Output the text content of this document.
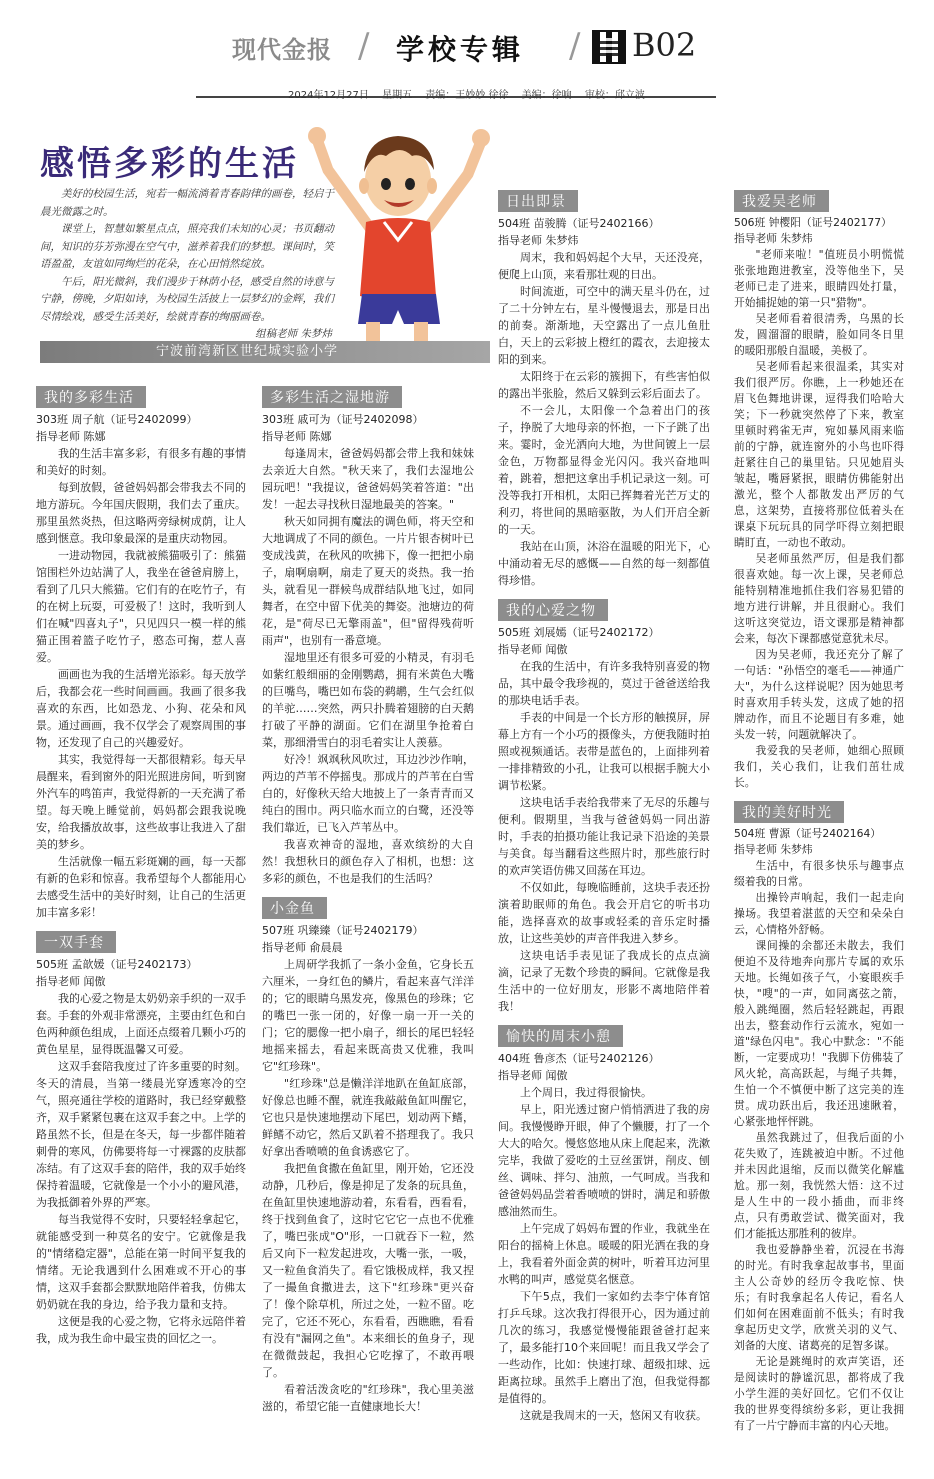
现代金报 / 学校专辑 / B02
2024年12月27日 星期五 责编：王妙妙 徐徐 美编：徐响 审校：邱立波
感悟多彩的生活

美好的校园生活，宛若一幅流淌着青春韵律的画卷，轻启于晨光微露之时。

课堂上，智慧如繁星点点，照亮我们未知的心灵；书页翻动间，知识的芬芳弥漫在空气中，滋养着我们的梦想。课间时，笑语盈盈，友谊如同绚烂的花朵，在心田悄然绽放。

午后，阳光微斜，我们漫步于林荫小径，感受自然的诗意与宁静，傍晚，夕阳如诗，为校园生活披上一层梦幻的金辉，我们尽情绘戏，感受生活美好，绘就青春的绚丽画卷。

组稿老师 朱梦炜

宁波前湾新区世纪城实验小学
我的多彩生活

303班 周子航（证号2402099）

指导老师 陈娜

我的生活丰富多彩，有很多有趣的事情和美好的时刻。

每到放假，爸爸妈妈都会带我去不同的地方游玩。今年国庆假期，我们去了重庆。那里虽然炎热，但这略两旁绿树成荫，让人感到惬意。我印象最深的是重庆动物园。

一进动物园，我就被熊猫吸引了：熊猫馆围栏外边站满了人，我坐在爸爸肩膀上，看到了几只大熊猫。它们有的在吃竹子，有的在树上玩耍，可爱极了！这时，我听到人们在喊"四喜丸子"，只见四只一模一样的熊猫正围着篮子吃竹子，憨态可掬，惹人喜爱。

画画也为我的生活增光添彩。每天放学后，我都会花一些时间画画。我画了很多我喜欢的东西，比如恐龙、小狗、花朵和风景。通过画画，我不仅学会了观察周围的事物，还发现了自己的兴趣爱好。

其实，我觉得每一天都很精彩。每天早晨醒来，看到窗外的阳光照进房间，听到窗外汽车的鸣笛声，我觉得新的一天充满了希望。每天晚上睡觉前，妈妈都会跟我说晚安，给我播放故事，这些故事让我进入了甜美的梦乡。

生活就像一幅五彩斑斓的画，每一天都有新的色彩和惊喜。我希望每个人都能用心去感受生活中的美好时刻，让自己的生活更加丰富多彩！

一双手套

505班 孟歆媛（证号2402173）

指导老师 闻傲

我的心爱之物是太奶奶亲手织的一双手套。手套的外观非常漂亮，主要由红色和白色两种颜色组成，上面还点缀着几颗小巧的黄色星星，显得既温馨又可爱。

这双手套陪我度过了许多重要的时刻。冬天的清晨，当第一缕晨光穿透寒冷的空气，照亮通往学校的道路时，我已经穿戴整齐，双手紧紧包裹在这双手套之中。上学的路虽然不长，但是在冬天，每一步都伴随着刺骨的寒风，仿佛要将每一寸裸露的皮肤都冻结。有了这双手套的陪伴，我的双手始终保持着温暖，它就像是一个小小的避风港，为我抵御着外界的严寒。

每当我觉得不安时，只要轻轻拿起它，就能感受到一种莫名的安宁。它就像是我的"情绪稳定器"，总能在第一时间平复我的情绪。无论我遇到什么困难或不开心的事情，这双手套都会默默地陪伴着我，仿佛太奶奶就在我的身边，给予我力量和支持。

这便是我的心爱之物，它将永远陪伴着我，成为我生命中最宝贵的回忆之一。

多彩生活之湿地游

303班 戚可为（证号2402098）

指导老师 陈娜

每逢周末，爸爸妈妈都会带上我和妹妹去亲近大自然。"秋天来了，我们去湿地公园玩吧！"我提议，爸爸妈妈笑着答道："出发！一起去寻找秋日湿地最美的答案。"

秋天如同拥有魔法的调色师，将天空和大地调成了不同的颜色。一片片银杏树叶已变成浅黄，在秋风的吹拂下，像一把把小扇子，扇啊扇啊，扇走了夏天的炎热。我一抬头，就看见一群候鸟成群结队地飞过，如同舞者，在空中留下优美的舞姿。池塘边的荷花，是"荷尽已无擎雨盖"，但"留得残荷听雨声"，也别有一番意境。

湿地里还有很多可爱的小精灵，有羽毛如紫红般细丽的金刚鹦鹉，拥有米黄色大嘴的巨嘴鸟，嘴巴如布袋的鹈鹕，生气会红似的羊驼……突然，两只扑腾着翅膀的白天鹅打破了平静的湖面。它们在湖里争抢着白菜，那细滑雪白的羽毛着实让人羡慕。

好冷！飒飒秋风吹过，耳边沙沙作响，两边的芦苇不停摇曳。那成片的芦苇在白雪白的，好像秋天给大地披上了一条青青而又纯白的围巾。两只临水而立的白鹭，还没等我们靠近，已飞入芦苇丛中。

我喜欢神奇的湿地，喜欢缤纷的大自然！我想秋日的颜色存入了相机，也想：这多彩的颜色，不也是我们的生活吗？

小金鱼

507班 巩臻臻（证号2402179）

指导老师 俞晨晨

上周研学我抓了一条小金鱼，它身长五六厘米，一身红色的鳞片，看起来喜气洋洋的；它的眼睛乌黑发亮，像黑色的珍珠；它的嘴巴一张一闭的，好像一扇一开一关的门；它的腮像一把小扇子，细长的尾巴轻轻地摇来摇去，看起来既高贵又优雅，我叫它"红珍珠"。

"红珍珠"总是懒洋洋地趴在鱼缸底部，好像总也睡不醒，就连我敲敲鱼缸叫醒它，它也只是快速地摆动下尾巴，划动两下鳍，鲜鳍不动它，然后又趴着不搭理我了。我只好拿出香喷喷的鱼食诱惑它了。

我把鱼食撒在鱼缸里，刚开始，它还没动静，几秒后，像是抑足了发条的玩具鱼，在鱼缸里快速地游动着，东看看，西看看，终于找到鱼食了，这时它它它一点也不优雅了，嘴巴张成"O"形，一口就吞下一粒，然后又向下一粒发起进攻，大嘴一张，一吸，又一粒鱼食消失了。看它饿极成样，我又捏了一撮鱼食撒进去，这下"红珍珠"更兴奋了！像个除草机，所过之处，一粒不留。吃完了，它还不死心，东看看，西瞧瞧，看看有没有"漏网之鱼"。本来细长的鱼身子，现在微微鼓起，我担心它吃撑了，不敢再喂了。

看着活泼贪吃的"红珍珠"，我心里美滋滋的，希望它能一直健康地长大！

日出即景

504班 苗骏腾（证号2402166）

指导老师 朱梦炜

周末，我和妈妈起个大早，天还没亮，便爬上山顶，来看那壮观的日出。

时间流逝，可空中的满天星斗仍在，过了二十分钟左右，星斗慢慢退去，那是日出的前奏。渐渐地，天空露出了一点儿鱼肚白，天上的云彩披上橙红的霞衣，去迎接太阳的到来。

太阳终于在云彩的簇拥下，有些害怕似的露出半张脸，然后又躲到云彩后面去了。

不一会儿，太阳像一个急着出门的孩子，挣脱了大地母亲的怀抱，一下子跳了出来。霎时，金光洒向大地，为世间镀上一层金色，万物都显得金光闪闪。我兴奋地叫着，跳着，想把这拿出手机记录这一刻。可没等我打开相机，太阳已挥舞着光芒万丈的利刃，将世间的黑暗驱散，为人们开启全新的一天。

我站在山顶，沐浴在温暖的阳光下，心中涌动着无尽的感慨——自然的每一刻都值得珍惜。

我的心爱之物

505班 刘展嫣（证号2402172）

指导老师 闻傲

在我的生活中，有许多我特别喜爱的物品，其中最令我珍视的，莫过于爸爸送给我的那块电话手表。

手表的中间是一个长方形的触摸屏，屏幕上方有一个小巧的摄像头，方便我随时拍照或视频通话。表带是蓝色的，上面排列着一排排精致的小孔，让我可以根据手腕大小调节松紧。

这块电话手表给我带来了无尽的乐趣与便利。假期里，当我与爸爸妈妈一同出游时，手表的拍摄功能让我记录下沿途的美景与美食。每当翻看这些照片时，那些旅行时的欢声笑语仿佛又回荡在耳边。

不仅如此，每晚临睡前，这块手表还扮演着助眠师的角色。我会开启它的听书功能，选择喜欢的故事或轻柔的音乐定时播放，让这些美妙的声音伴我进入梦乡。

这块电话手表见证了我成长的点点滴滴，记录了无数个珍贵的瞬间。它就像是我生活中的一位好朋友，形影不离地陪伴着我！

愉快的周末小憩

404班 鲁彦杰（证号2402126）

指导老师 闻傲

上个周日，我过得很愉快。

早上，阳光透过窗户悄悄洒进了我的房间。我慢慢睁开眼，伸了个懒腰，打了一个大大的哈欠。慢悠悠地从床上爬起来，洗漱完毕，我做了爱吃的土豆丝蛋饼，削皮、刨丝、调味、拌匀、油煎，一气呵成。当我和爸爸妈妈品尝着香喷喷的饼时，满足和骄傲感油然而生。

上午完成了妈妈布置的作业，我就坐在阳台的摇椅上休息。暖暖的阳光洒在我的身上，我看着外面金黄的树叶，听着耳边河里水鸭的叫声，感觉莫名惬意。

下午5点，我们一家如约去李宁体育馆打乒乓球。这次我打得很开心，因为通过前几次的练习，我感觉慢慢能跟爸爸打起来了，最多能打10个来回呢！而且我又学会了一些动作，比如：快速打球、超级扣球、远距离拉球。虽然手上磨出了泡，但我觉得都是值得的。

这就是我周末的一天，悠闲又有收获。

我爱吴老师

506班 钟樱阳（证号2402177）

指导老师 朱梦炜

"老师来啦！"值班员小明慌慌张张地跑进教室，没等他坐下，吴老师已走了进来，眼睛四处打量，开始捕捉她的第一只"猎物"。

吴老师看着很清秀，乌黑的长发，圆溜溜的眼睛，脸如同冬日里的暖阳那般自温暖，美极了。

吴老师看起来很温柔，其实对我们很严厉。你瞧，上一秒她还在眉飞色舞地讲课，逗得我们哈哈大笑；下一秒就突然停了下来，教室里顿时鸦雀无声，宛如暴风雨来临前的宁静，就连窗外的小鸟也吓得赶紧往自己的巢里钻。只见她眉头皱起，嘴唇紧抿，眼睛仿佛能射出激光，整个人都散发出严厉的气息，这架势，直接将那位低着头在课桌下玩玩具的同学吓得立刻把眼睛盯直，一动也不敢动。

吴老师虽然严厉，但是我们都很喜欢她。每一次上课，吴老师总能特别精准地抓住我们容易犯错的地方进行讲解，并且很耐心。我们这听这突觉边，语文课那是精神都会来，每次下课都感觉意犹未尽。

因为吴老师，我还充分了解了一句话："孙悟空的毫毛——神通广大"，为什么这样说呢？因为她思考时喜欢用手转头发，这成了她的招牌动作，而且不论题目有多难，她头发一转，问题就解决了。

我爱我的吴老师，她细心照顾我们，关心我们，让我们茁壮成长。

我的美好时光

504班 曹源（证号2402164）

指导老师 朱梦炜

生活中，有很多快乐与趣事点缀着我的日常。

出操铃声响起，我们一起走向操场。我望着湛蓝的天空和朵朵白云，心情格外舒畅。

课间操的余都还未散去，我们便迫不及待地奔向那片专属的欢乐天地。长绳如孩子气，小宴眼疾手快，"嗖"的一声，如同离弦之箭，般入跳绳圈，然后轻轻跳起，再跟出去，整套动作行云流水，宛如一道"绿色闪电"。我心中默念："不能断，一定要成功！"我脚下仿佛装了风火轮，高高跃起，与绳子共舞，生怕一个不慎便中断了这完美的连贯。成功跃出后，我还迅速瞅着，心紧张地怦怦跳。

虽然我跳过了，但我后面的小花失败了，连跳被迫中断。不过他并未因此退缩，反而以微笑化解尴尬。那一刻，我恍然大悟：这不过是人生中的一段小插曲，而非终点，只有勇敢尝试、微笑面对，我们才能抵达那胜利的彼岸。

我也爱静静坐着，沉浸在书海的时光。有时我拿起故事书，里面主人公奇妙的经历令我吃惊、快乐；有时我拿起名人传记，看名人们如何在困难面前不低头；有时我拿起历史文学，欣赏关羽的义气、刘备的大度、诸葛亮的足智多谋。

无论是跳绳时的欢声笑语，还是阅读时的静谧沉思，都将成了我小学生涯的美好回忆。它们不仅让我的世界变得缤纷多彩，更让我拥有了一片宁静而丰富的内心天地。
